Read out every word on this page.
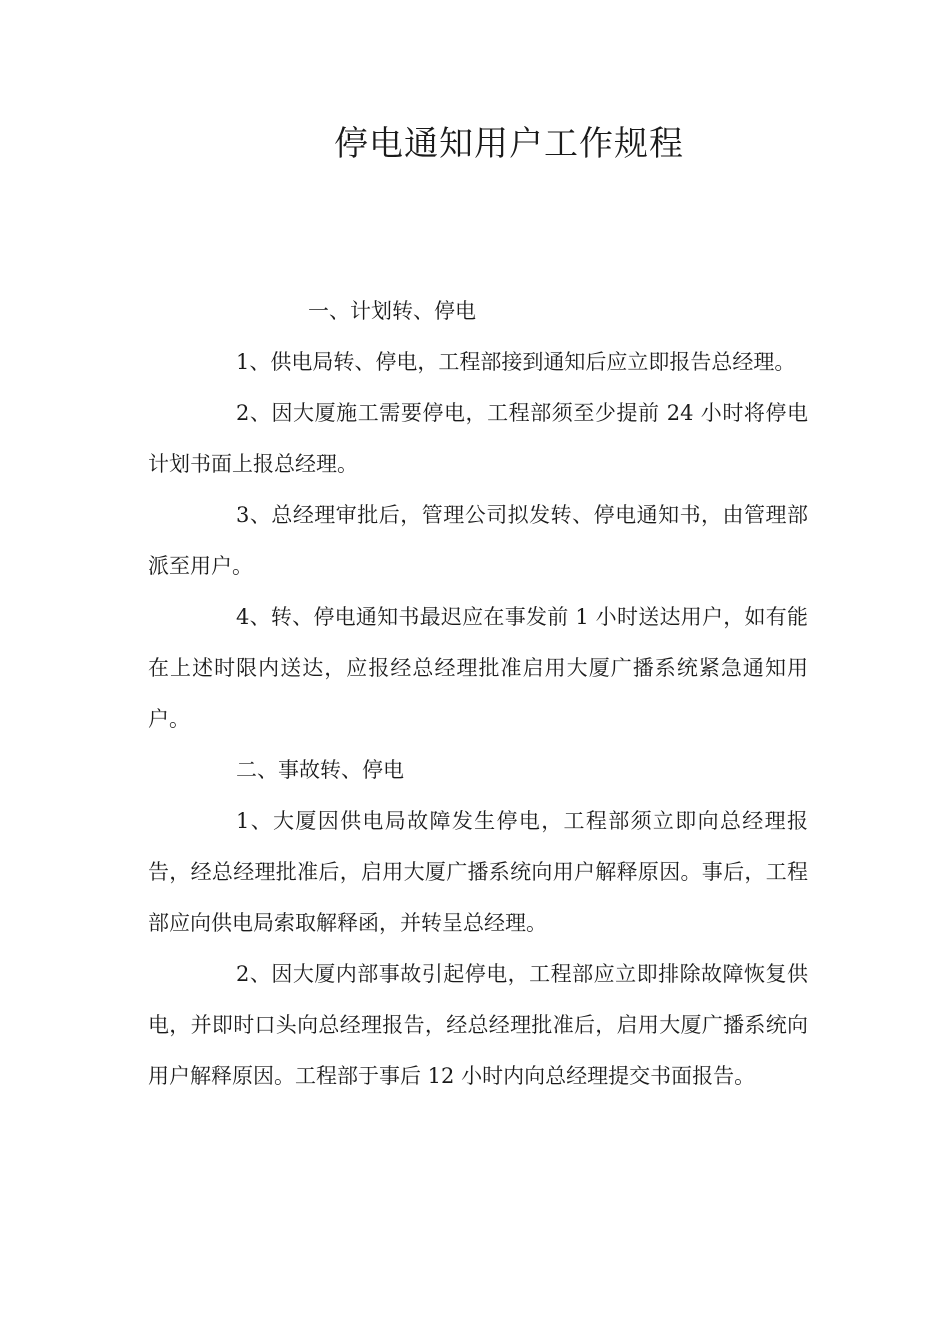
停电通知用户工作规程

一、计划转、停电

1、供电局转、停电，工程部接到通知后应立即报告总经理。

2、因大厦施工需要停电，工程部须至少提前 24 小时将停电计划书面上报总经理。

3、总经理审批后，管理公司拟发转、停电通知书，由管理部派至用户。

4、转、停电通知书最迟应在事发前 1 小时送达用户，如有能在上述时限内送达，应报经总经理批准启用大厦广播系统紧急通知用户。

二、事故转、停电

1、大厦因供电局故障发生停电，工程部须立即向总经理报告，经总经理批准后，启用大厦广播系统向用户解释原因。事后，工程部应向供电局索取解释函，并转呈总经理。

2、因大厦内部事故引起停电，工程部应立即排除故障恢复供电，并即时口头向总经理报告，经总经理批准后，启用大厦广播系统向用户解释原因。工程部于事后 12 小时内向总经理提交书面报告。
